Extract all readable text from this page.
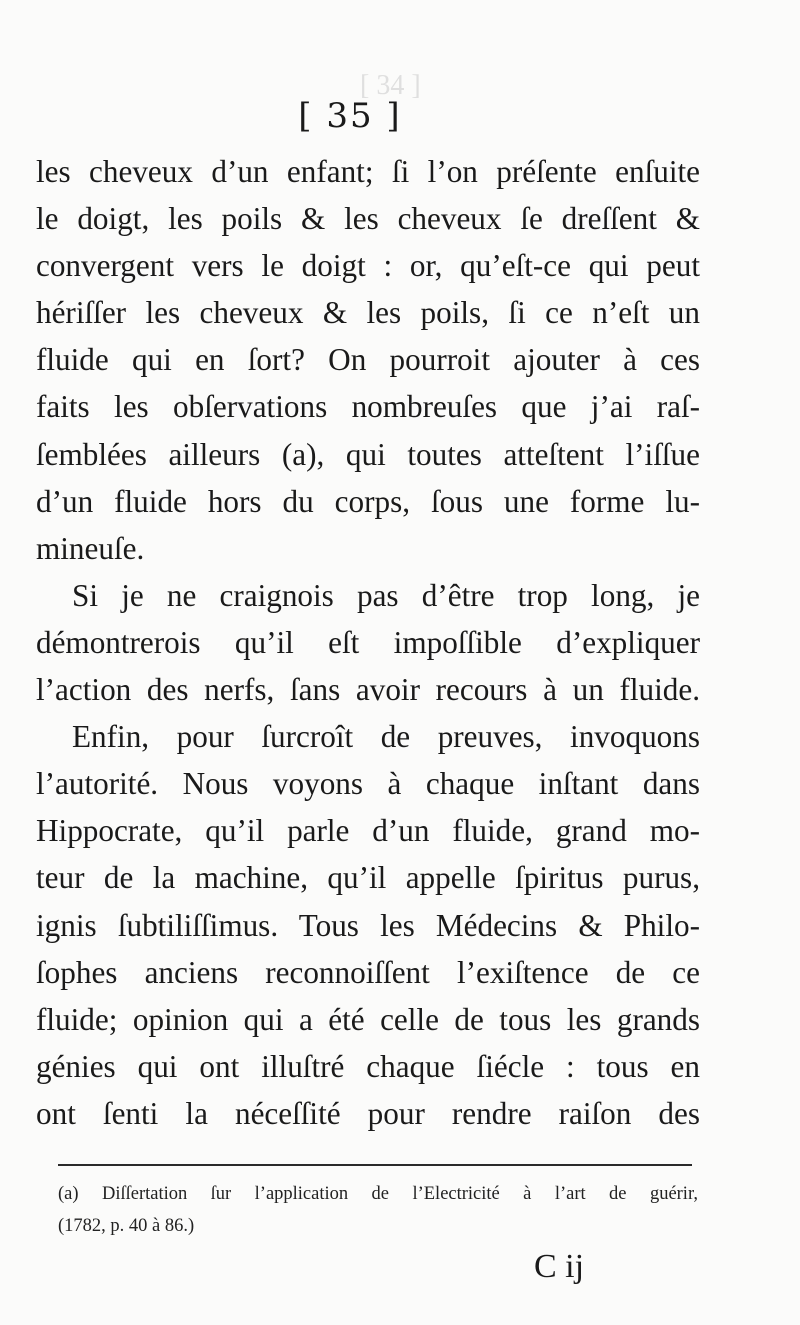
[ 34 ]
[ 35 ]
les cheveux d’un enfant; ſi l’on préſente enſuite
le doigt, les poils & les cheveux ſe dreſſent &
convergent vers le doigt : or, qu’eſt-ce qui peut
hériſſer les cheveux & les poils, ſi ce n’eſt un
fluide qui en ſort? On pourroit ajouter à ces
faits les obſervations nombreuſes que j’ai raſ-
ſemblées ailleurs (a), qui toutes atteſtent l’iſſue
d’un fluide hors du corps, ſous une forme lu-
mineuſe.
Si je ne craignois pas d’être trop long, je
démontrerois qu’il eſt impoſſible d’expliquer
l’action des nerfs, ſans avoir recours à un fluide.
Enfin, pour ſurcroît de preuves, invoquons
l’autorité. Nous voyons à chaque inſtant dans
Hippocrate, qu’il parle d’un fluide, grand mo-
teur de la machine, qu’il appelle ſpiritus purus,
ignis ſubtiliſſimus. Tous les Médecins & Philo-
ſophes anciens reconnoiſſent l’exiſtence de ce
fluide; opinion qui a été celle de tous les grands
génies qui ont illuſtré chaque ſiécle : tous en
ont ſenti la néceſſité pour rendre raiſon des
(a) Diſſertation ſur l’application de l’Electricité à l’art de guérir,
(1782, p. 40 à 86.)
C ij
